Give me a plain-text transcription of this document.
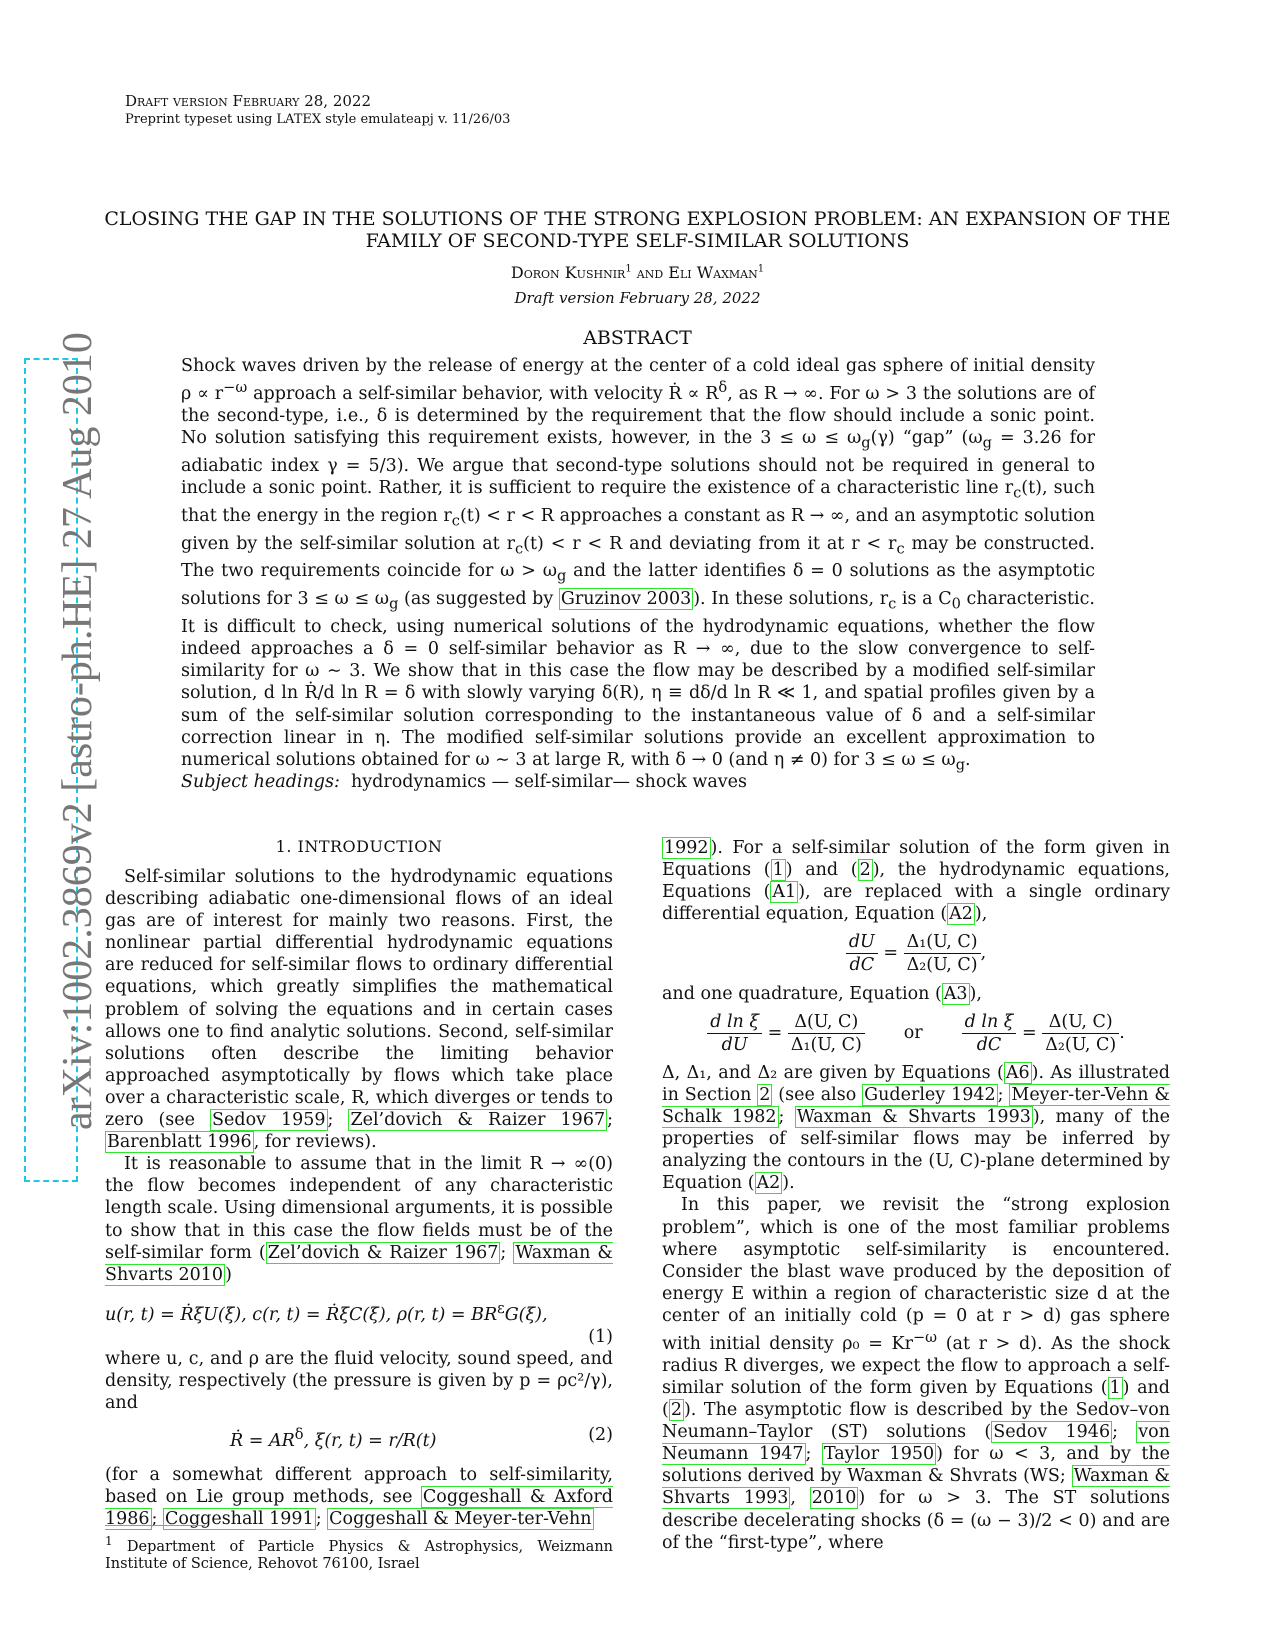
Draft version February 28, 2022
Preprint typeset using LATEX style emulateapj v. 11/26/03
arXiv:1002.3869v2 [astro-ph.HE] 27 Aug 2010
CLOSING THE GAP IN THE SOLUTIONS OF THE STRONG EXPLOSION PROBLEM: AN EXPANSION OF THE FAMILY OF SECOND-TYPE SELF-SIMILAR SOLUTIONS
Doron Kushnir$^1$ and Eli Waxman$^1$
Draft version February 28, 2022
ABSTRACT
Shock waves driven by the release of energy at the center of a cold ideal gas sphere of initial density $\rho \propto r^{-\omega}$ approach a self-similar behavior, with velocity Ṙ ∝ $R^\delta$, as R → ∞. For ω > 3 the solutions are of the second-type, i.e., δ is determined by the requirement that the flow should include a sonic point. No solution satisfying this requirement exists, however, in the $3 \le \omega \le \omega_g(\gamma)$ “gap” ($\omega_g = 3.26$ for adiabatic index γ = 5/3). We argue that second-type solutions should not be required in general to include a sonic point. Rather, it is sufficient to require the existence of a characteristic line $r_c(t)$, such that the energy in the region $r_c(t) < r < R$ approaches a constant as R → ∞, and an asymptotic solution given by the self-similar solution at $r_c(t) < r < R$ and deviating from it at $r < r_c$ may be constructed. The two requirements coincide for $\omega > \omega_g$ and the latter identifies δ = 0 solutions as the asymptotic solutions for $3 \le \omega \le \omega_g$ (as suggested by Gruzinov 2003 ). In these solutions, $r_c$ is a $C_0$ characteristic. It is difficult to check, using numerical solutions of the hydrodynamic equations, whether the flow indeed approaches a δ = 0 self-similar behavior as R → ∞, due to the slow convergence to self-similarity for ω ∼ 3. We show that in this case the flow may be described by a modified self-similar solution, d ln Ṙ/d ln R = δ with slowly varying δ(R), η ≡ dδ/d ln R ≪ 1, and spatial profiles given by a sum of the self-similar solution corresponding to the instantaneous value of δ and a self-similar correction linear in η. The modified self-similar solutions provide an excellent approximation to numerical solutions obtained for ω ∼ 3 at large R, with δ → 0 (and η ≠ 0) for $3 \le \omega \le \omega_g$.
Subject headings: hydrodynamics — self-similar— shock waves
1. INTRODUCTION

Self-similar solutions to the hydrodynamic equations describing adiabatic one-dimensional flows of an ideal gas are of interest for mainly two reasons. First, the nonlinear partial differential hydrodynamic equations are reduced for self-similar flows to ordinary differential equations, which greatly simplifies the mathematical problem of solving the equations and in certain cases allows one to find analytic solutions. Second, self-similar solutions often describe the limiting behavior approached asymptotically by flows which take place over a characteristic scale, R, which diverges or tends to zero (see Sedov 1959 ; Zel’dovich & Raizer 1967 ; Barenblatt 1996 , for reviews).

It is reasonable to assume that in the limit R → ∞(0) the flow becomes independent of any characteristic length scale. Using dimensional arguments, it is possible to show that in this case the flow fields must be of the self-similar form ( Zel’dovich & Raizer 1967 ; Waxman & Shvarts 2010 )

u(r, t) = ṘξU(ξ), c(r, t) = ṘξC(ξ), ρ(r, $t) = BR^\varepsilon G(\xi)$,
(1)

where u, c, and ρ are the fluid velocity, sound speed, and density, respectively (the pressure is given by p = ρc²/γ), and

Ṙ = $AR^\delta$, ξ(r, t) = r/R(t)	(2)

(for a somewhat different approach to self-similarity, based on Lie group methods, see Coggeshall & Axford 1986 ; Coggeshall 1991 ; Coggeshall & Meyer-ter-Vehn

$^1$ Department of Particle Physics & Astrophysics, Weizmann Institute of Science, Rehovot 76100, Israel

1992 ). For a self-similar solution of the form given in Equations ( 1 ) and ( 2 ), the hydrodynamic equations, Equations ( A1 ), are replaced with a single ordinary differential equation, Equation ( A2 ),

$\frac{dU}{dC} = \frac{\text{Δ₁(U, C)}}{\text{Δ₂(U, C)}}$ ,

and one quadrature, Equation ( A3 ),

$\frac{\text{d ln ξ}}{dU} = \frac{\Delta(U, C)}{\text{Δ₁(U, C)}}$ or $\frac{\text{d ln ξ}}{dC} = \frac{\Delta(U, C)}{\text{Δ₂(U, C)}}$ .

Δ, Δ₁, and Δ₂ are given by Equations ( A6 ). As illustrated in Section 2 (see also Guderley 1942 ; Meyer-ter-Vehn & Schalk 1982 ; Waxman & Shvarts 1993 ), many of the properties of self-similar flows may be inferred by analyzing the contours in the (U, C)-plane determined by Equation ( A2 ).

In this paper, we revisit the “strong explosion problem”, which is one of the most familiar problems where asymptotic self-similarity is encountered. Consider the blast wave produced by the deposition of energy E within a region of characteristic size d at the center of an initially cold (p = 0 at r > d) gas sphere with initial density $\rho_0 = Kr^{-\omega}$ (at r > d). As the shock radius R diverges, we expect the flow to approach a self-similar solution of the form given by Equations ( 1 ) and ( 2 ). The asymptotic flow is described by the Sedov–von Neumann–Taylor (ST) solutions ( Sedov 1946 ; von Neumann 1947 ; Taylor 1950 ) for ω < 3, and by the solutions derived by Waxman & Shvrats (WS; Waxman & Shvarts 1993 , 2010 ) for ω > 3. The ST solutions describe decelerating shocks (δ = (ω − 3)/2 < 0) and are of the “first-type”, where
